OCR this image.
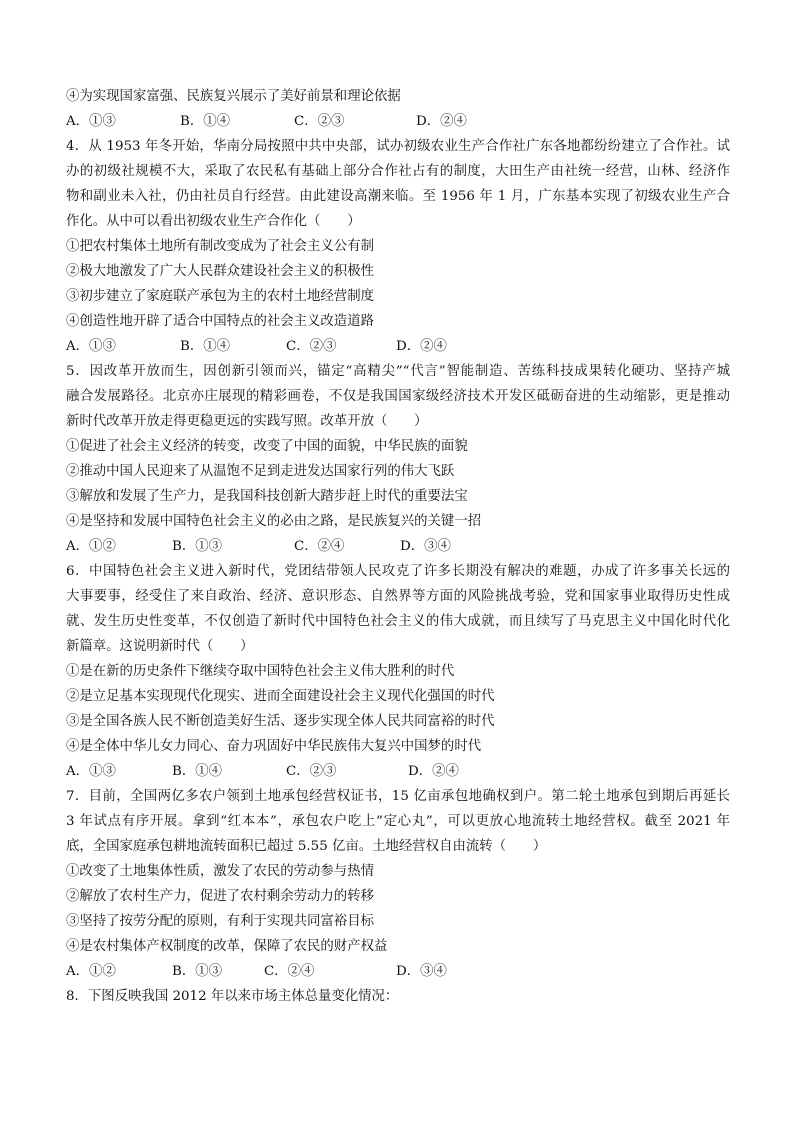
④为实现国家富强、民族复兴展示了美好前景和理论依据
A．①③	B．①④	C．②③	D．②④
4．从 1953 年冬开始，华南分局按照中共中央部，试办初级农业生产合作社广东各地都纷纷建立了合作社。试
办的初级社规模不大，采取了农民私有基础上部分合作社占有的制度，大田生产由社统一经营，山林、经济作
物和副业未入社，仍由社员自行经营。由此建设高潮来临。至 1956 年 1 月，广东基本实现了初级农业生产合
作化。从中可以看出初级农业生产合作化（　　）
①把农村集体土地所有制改变成为了社会主义公有制
②极大地激发了广大人民群众建设社会主义的积极性
③初步建立了家庭联产承包为主的农村土地经营制度
④创造性地开辟了适合中国特点的社会主义改造道路
A．①③	B．①④	C．②③	D．②④
5．因改革开放而生，因创新引领而兴，锚定“高精尖”“代言”智能制造、苦练科技成果转化硬功、坚持产城
融合发展路径。北京亦庄展现的精彩画卷，不仅是我国国家级经济技术开发区砥砺奋进的生动缩影，更是推动
新时代改革开放走得更稳更远的实践写照。改革开放（　　）
①促进了社会主义经济的转变，改变了中国的面貌，中华民族的面貌
②推动中国人民迎来了从温饱不足到走进发达国家行列的伟大飞跃
③解放和发展了生产力，是我国科技创新大踏步赶上时代的重要法宝
④是坚持和发展中国特色社会主义的必由之路，是民族复兴的关键一招
A．①②	B．①③	C．②④	D．③④
6．中国特色社会主义进入新时代，党团结带领人民攻克了许多长期没有解决的难题，办成了许多事关长远的
大事要事，经受住了来自政治、经济、意识形态、自然界等方面的风险挑战考验，党和国家事业取得历史性成
就、发生历史性变革，不仅创造了新时代中国特色社会主义的伟大成就，而且续写了马克思主义中国化时代化
新篇章。这说明新时代（　　）
①是在新的历史条件下继续夺取中国特色社会主义伟大胜利的时代
②是立足基本实现现代化现实、进而全面建设社会主义现代化强国的时代
③是全国各族人民不断创造美好生活、逐步实现全体人民共同富裕的时代
④是全体中华儿女力同心、奋力巩固好中华民族伟大复兴中国梦的时代
A．①③	B．①④	C．②③	D．②④
7．目前，全国两亿多农户领到土地承包经营权证书，15 亿亩承包地确权到户。第二轮土地承包到期后再延长
3 年试点有序开展。拿到“红本本”，承包农户吃上“定心丸”，可以更放心地流转土地经营权。截至 2021 年
底，全国家庭承包耕地流转面积已超过 5.55 亿亩。土地经营权自由流转（　　）
①改变了土地集体性质，激发了农民的劳动参与热情
②解放了农村生产力，促进了农村剩余劳动力的转移
③坚持了按劳分配的原则，有利于实现共同富裕目标
④是农村集体产权制度的改革，保障了农民的财产权益
A．①②	B．①③	C．②④	D．③④
8．下图反映我国 2012 年以来市场主体总量变化情况：
